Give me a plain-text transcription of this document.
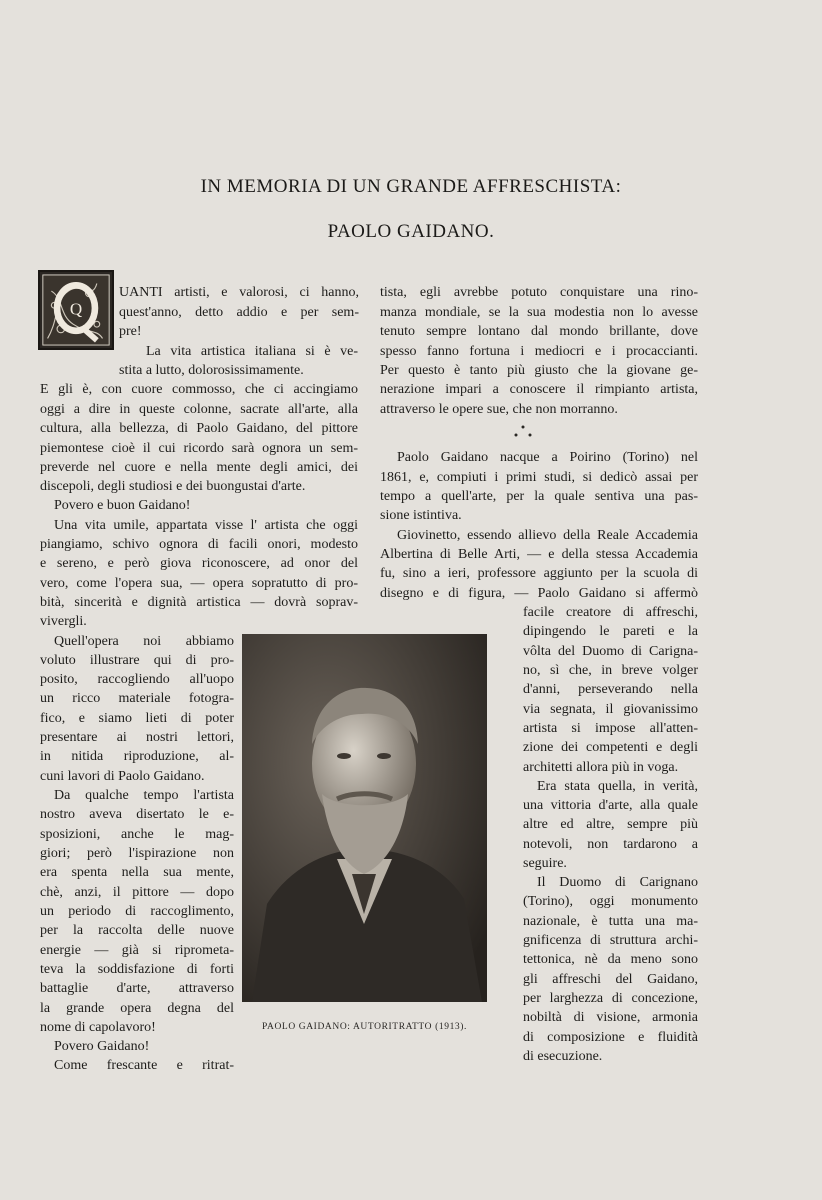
IN MEMORIA DI UN GRANDE AFFRESCHISTA:
PAOLO GAIDANO.
Q
UANTI artisti, e valorosi, ci hanno,
quest'anno, detto addio e per sem-
pre!
La vita artistica italiana si è ve-
stita a lutto, dolorosissimamente.
E gli è, con cuore commosso, che ci accingiamo
oggi a dire in queste colonne, sacrate all'arte, alla
cultura, alla bellezza, di Paolo Gaidano, del pittore
piemontese cioè il cui ricordo sarà ognora un sem-
preverde nel cuore e nella mente degli amici, dei
discepoli, degli studiosi e dei buongustai d'arte.
Povero e buon Gaidano!
Una vita umile, appartata visse l' artista che oggi
piangiamo, schivo ognora di facili onori, modesto
e sereno, e però giova riconoscere, ad onor del
vero, come l'opera sua, — opera sopratutto di pro-
bità, sincerità e dignità artistica — dovrà soprav-
vivergli.
Quell'opera noi abbiamo
voluto illustrare qui di pro-
posito, raccogliendo all'uopo
un ricco materiale fotogra-
fico, e siamo lieti di poter
presentare ai nostri lettori,
in nitida riproduzione, al-
cuni lavori di Paolo Gaidano.
Da qualche tempo l'artista
nostro aveva disertato le e-
sposizioni, anche le mag-
giori; però l'ispirazione non
era spenta nella sua mente,
chè, anzi, il pittore — dopo
un periodo di raccoglimento,
per la raccolta delle nuove
energie — già si riprometa-
teva la soddisfazione di forti
battaglie d'arte, attraverso
la grande opera degna del
nome di capolavoro!
Povero Gaidano!
Come frescante e ritrat-
tista, egli avrebbe potuto conquistare una rino-
manza mondiale, se la sua modestia non lo avesse
tenuto sempre lontano dal mondo brillante, dove
spesso fanno fortuna i mediocri e i procaccianti.
Per questo è tanto più giusto che la giovane ge-
nerazione impari a conoscere il rimpianto artista,
attraverso le opere sue, che non morranno.
Paolo Gaidano nacque a Poirino (Torino) nel
1861, e, compiuti i primi studi, si dedicò assai per
tempo a quell'arte, per la quale sentiva una pas-
sione istintiva.
Giovinetto, essendo allievo della Reale Accademia
Albertina di Belle Arti, — e della stessa Accademia
fu, sino a ieri, professore aggiunto per la scuola di
disegno e di figura, — Paolo Gaidano si affermò
facile creatore di affreschi,
dipingendo le pareti e la
vôlta del Duomo di Carigna-
no, sì che, in breve volger
d'anni, perseverando nella
via segnata, il giovanissimo
artista si impose all'atten-
zione dei competenti e degli
architetti allora più in voga.
Era stata quella, in verità,
una vittoria d'arte, alla quale
altre ed altre, sempre più
notevoli, non tardarono a
seguire.
Il Duomo di Carignano
(Torino), oggi monumento
nazionale, è tutta una ma-
gnificenza di struttura archi-
tettonica, nè da meno sono
gli affreschi del Gaidano,
per larghezza di concezione,
nobiltà di visione, armonia
di composizione e fluidità
di esecuzione.
PAOLO GAIDANO: AUTORITRATTO (1913).
